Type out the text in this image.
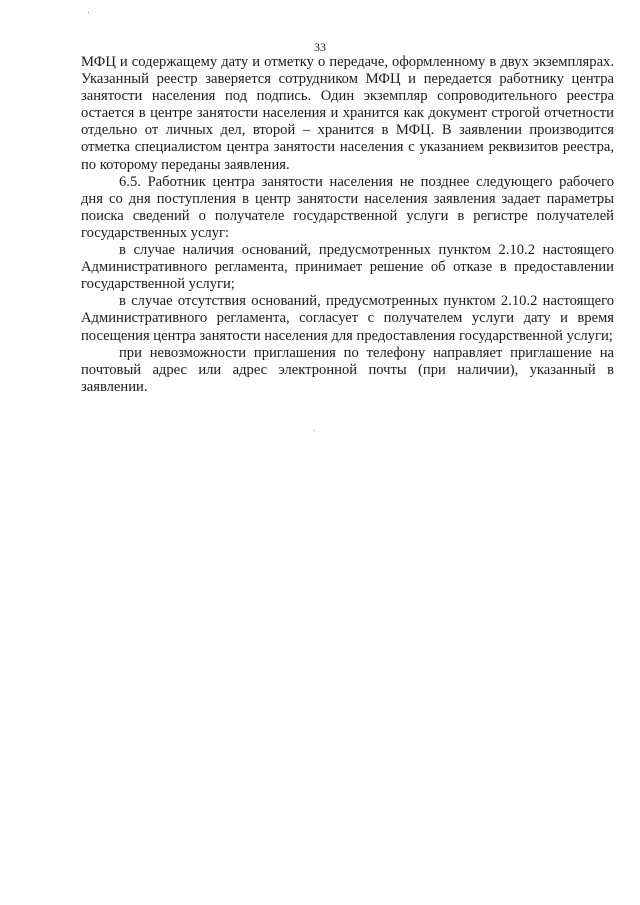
33

МФЦ и содержащему дату и отметку о передаче, оформленному в двух экземплярах. Указанный реестр заверяется сотрудником МФЦ и передается работнику центра занятости населения под подпись. Один экземпляр сопроводительного реестра остается в центре занятости населения и хранится как документ строгой отчетности отдельно от личных дел, второй – хранится в МФЦ. В заявлении производится отметка специалистом центра занятости населения с указанием реквизитов реестра, по которому переданы заявления.

6.5. Работник центра занятости населения не позднее следующего рабочего дня со дня поступления в центр занятости населения заявления задает параметры поиска сведений о получателе государственной услуги в регистре получателей государственных услуг:

в случае наличия оснований, предусмотренных пунктом 2.10.2 настоящего Административного регламента, принимает решение об отказе в предоставлении государственной услуги;

в случае отсутствия оснований, предусмотренных пунктом 2.10.2 настоящего Административного регламента, согласует с получателем услуги дату и время посещения центра занятости населения для предоставления государственной услуги;

при невозможности приглашения по телефону направляет приглашение на почтовый адрес или адрес электронной почты (при наличии), указанный в заявлении.
